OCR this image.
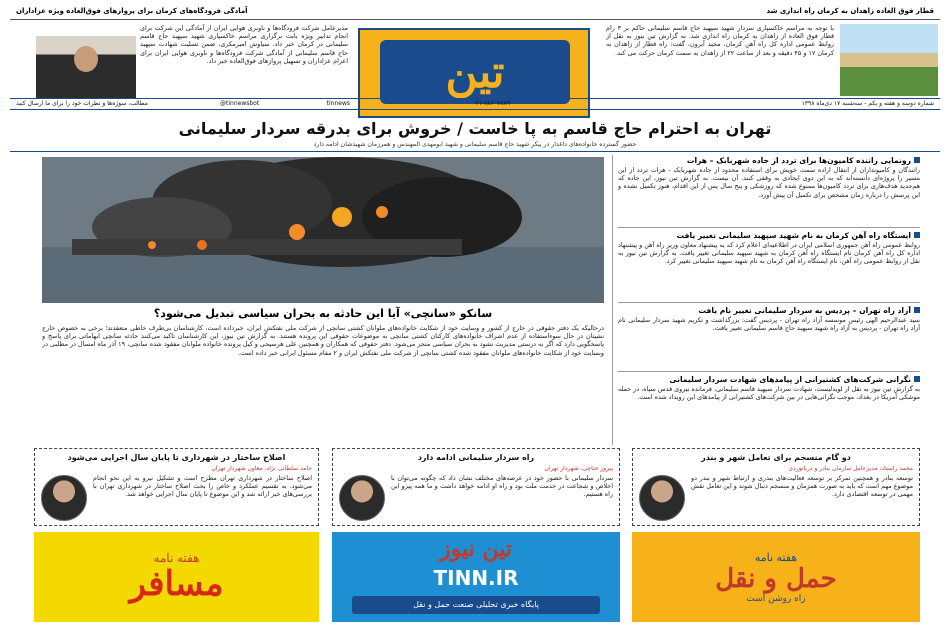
قطار فوق العاده زاهدان به کرمان راه اندازی شد
آمادگی فرودگاه‌های کرمان برای پروازهای فوق‌العاده ویژه عزاداران
با توجه به مراسم خاکسپاری سردار شهید سپهبد حاج قاسم سلیمانی حاکم بر ۳ رام قطار فوق العاده از زاهدان به کرمان راه اندازی شد. به گزارش تین نیوز به نقل از روابط عمومی اداره کل راه آهن کرمان، مجید آبرون، گفت: راه قطار از زاهدان به کرمان ۱۷ و ۴۵ دقیقه و بعد از ساعت ۲۲ از زاهدان به سمت کرمان حرکت می کند.
مدیرعامل شرکت فرودگاه‌ها و ناوبری هوایی ایران از آمادگی این شرکت برای انجام تدابیر ویژه بابت برگزاری مراسم خاکسپاری شهید سپهبد حاج قاسم سلیمانی در کرمان خبر داد. سیاوش امیرمکری، ضمن تسلیت شهادت سپهبد حاج قاسم سلیمانی از آمادگی شرکت فرودگاه‌ها و ناوبری هوایی ایران برای اعزام عزاداران و تسهیل پروازهای فوق‌العاده خبر داد. تین
شماره دوسه و هفته و یکم - سه‌شنبه ۱۷ دی‌ماه ۱۳۹۸
۰۲۱-۸۸۶۰۷۸۸۹
tinnews
@tinnewsbot
مطالب، سوژه‌ها و نظرات خود را برای ما ارسال کنید
تهران به احترام حاج قاسم به پا خاست / خروش برای بدرقه سردار سلیمانی
حضور گسترده خانواده‌های داغدار در پیکر شهید حاج قاسم سلیمانی و شهید ابومهدی المهندس و همرزمان شهیدشان ادامه دارد
سانکو «سانچی» آیا این حادثه به بحران سیاسی تبدیل می‌شود؟
درحالیکه یک دفتر حقوقی در خارج از کشور و وسایت خود از شکایت خانواده‌های ملوانان کشتی سانچی از شرکت ملی نفتکش ایران، خبرداده است، کارشناسان بی‌طرف خاطی متعقدند؛ برخی به خصوص خارج نشینان در حال سوءاستفاده از عدم اشراف خانواده‌های کارکنان کشتی سانچی به موضوعات حقوقی این پرونده هستند. به گزارش تین نیوز، این کارشناسان تاکید می‌کنند حادثه سانچی ابهاماتی برای پاسخ و پاسخگویی دارد که اگر به درستی مدیریت نشود به بحران سیاسی منجر می‌شود. دفتر حقوقی که همکاران و همچنین علی هرسیجی و کیل پرونده خانواده ملوانان مفقود شده سانچی، ۱۹ آذر ماه امسال در مطلبی در وبسایت خود از شکایت خانواده‌های ملوانان مفقود شده کشتی سانچی از شرکت ملی نفتکش ایران و ۲ مقام مسئول ایرانی خبر داده است.
رونمایی راننده کامیون‌ها برای تردد از جاده شهربابک – هرات
رانندگان و کامیونداران از انتقال اراده سمت خویش برای استفاده محدود از جاده شهربابک - هرات تردد از این مسیر را پروژه‌ای دانسته‌اند که به این دوی ایجادی به وقفی کنند. آن نیست. به گزارش تین نیوز، این جاده که هم‌جدید هدف‌هاری برای تردد کامیون‌ها ممنوع شده که روزشکی و پنج سال پس از این اقدام، هنوز تکمیل نشده و این پرسش را درباره زمان مشخص برای تکمیل آن پیش آورد.
ایستگاه راه آهن کرمان به نام شهید سپهبد سلیمانی تغییر یافت
روابط عمومی راه آهن جمهوری اسلامی ایران در اطلاعیه‌ای اعلام کرد که به پیشنهاد معاون وزیر راه آهن و پیشنهاد اداره کل راه آهن کرمان نام ایستگاه راه آهن کرمان به شهید سپهبد سلیمانی تغییر یافت. به گزارش تین نیوز به نقل از روابط عمومی راه آهن، نام ایستگاه راه آهن کرمان به نام شهید سپهبد سلیمانی تغییر کرد.
آزاد راه تهران – پردیس به سردار سلیمانی تغییر نام یافت
سید عبدالرحیم الهی رئیس موسسه آزاد راه تهران - پردیس گفت: بزرگداشت و تکریم شهید سردار سلیمانی نام آزاد راه تهران - پردیس به آزاد راه شهید سپهبد حاج قاسم سلیمانی تغییر یافت.
نگرانی شرکت‌های کشتیرانی از پیامدهای شهادت سردار سلیمانی
به گزارش تین نیوز به نقل از لویدلیست، شهادت سردار سپهبد قاسم سلیمانی، فرمانده نیروی قدس سپاه، در حمله موشکی آمریکا در بغداد، موجب نگرانی‌هایی در بین شرکت‌های کشتیرانی از پیامدهای این رویداد شده است.
اصلاح ساختار در شهرداری تا پایان سال اجرایی می‌شود
حامد سلطانی نژاد، معاون شهردار تهران
اصلاح ساختار در شهرداری تهران مطرح است و تشکیل نیرو به این نحو انجام می‌شود. به تقسیم عملکرد و خاص را بحث اصلاح ساختار در شهرداری تهران با بررسی‌های خبر ارائه شد و این موضوع تا پایان سال اجرایی خواهد شد.
راه سردار سلیمانی ادامه دارد
پیروز حناچی، شهردار تهران
سردار سلیمانی با حضور خود در عرصه‌های مختلف نشان داد که چگونه می‌توان با اخلاص و شجاعت در خدمت ملت بود و راه او ادامه خواهد داشت و ما همه پیرو این راه هستیم.
دو گام منسجم برای تعامل شهر و بندر
محمد راستاد، مدیرعامل سازمان بنادر و دریانوردی
توسعه بنادر و همچنین تمرکز بر توسعه فعالیت‌های بندری و ارتباط شهر و بندر دو موضوع مهم است که باید به صورت همزمان و منسجم دنبال شوند و این تعامل نقش مهمی در توسعه اقتصادی دارد.
هفته نامه
مسافر
تین نیوز
TINN.IR
پایگاه خبری تحلیلی صنعت حمل و نقل
هفته نامه
حمل و نقل
راه روشن است
